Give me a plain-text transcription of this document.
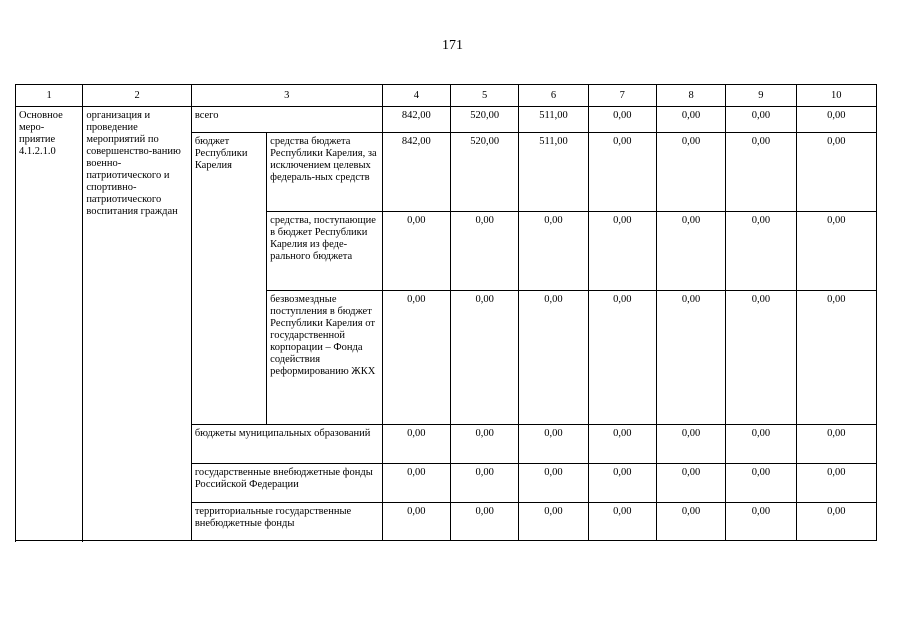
171
1	2	3		4	5	6	7	8	9	10
Основное меро-приятие 4.1.2.1.0	организация и проведение мероприятий по совершенство-ванию военно-патриотического и спортивно-патриотического воспитания граждан	всего		842,00	520,00	511,00	0,00	0,00	0,00	0,00
		бюджет Республики Карелия	средства бюджета Республики Карелия, за исключением целевых федераль-ных средств	842,00	520,00	511,00	0,00	0,00	0,00	0,00
			средства, поступающие в бюджет Республики Карелия из феде-рального бюджета	0,00	0,00	0,00	0,00	0,00	0,00	0,00
			безвозмездные поступления в бюджет Республики Карелия от государственной корпорации – Фонда содействия реформированию ЖКХ	0,00	0,00	0,00	0,00	0,00	0,00	0,00
		бюджеты муниципальных образований		0,00	0,00	0,00	0,00	0,00	0,00	0,00
		государственные внебюджетные фонды Российской Федерации		0,00	0,00	0,00	0,00	0,00	0,00	0,00
		территориальные государственные внебюджетные фонды		0,00	0,00	0,00	0,00	0,00	0,00	0,00
